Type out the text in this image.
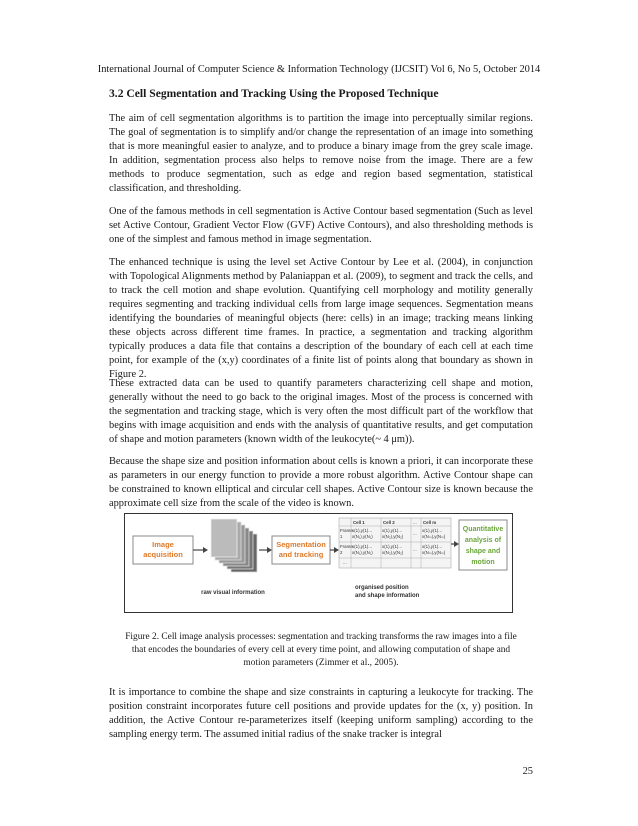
International Journal of Computer Science & Information Technology (IJCSIT) Vol 6, No 5, October 2014
3.2 Cell Segmentation and Tracking Using the Proposed Technique

The aim of cell segmentation algorithms is to partition the image into perceptually similar regions. The goal of segmentation is to simplify and/or change the representation of an image into something that is more meaningful easier to analyze, and to produce a binary image from the grey scale image. In addition, segmentation process also helps to remove noise from the image. There are a few methods to produce segmentation, such as edge and region based segmentation, statistical classification, and thresholding.

One of the famous methods in cell segmentation is Active Contour based segmentation (Such as level set Active Contour, Gradient Vector Flow (GVF) Active Contours), and also thresholding methods is one of the simplest and famous method in image segmentation.

The enhanced technique is using the level set Active Contour by Lee et al. (2004), in conjunction with Topological Alignments method by Palaniappan et al. (2009), to segment and track the cells, and to track the cell motion and shape evolution. Quantifying cell morphology and motility generally requires segmenting and tracking individual cells from large image sequences. Segmentation means identifying the boundaries of meaningful objects (here: cells) in an image; tracking means linking these objects across different time frames. In practice, a segmentation and tracking algorithm typically produces a data file that contains a description of the boundary of each cell at each time point, for example of the (x,y) coordinates of a finite list of points along that boundary as shown in Figure 2.

These extracted data can be used to quantify parameters characterizing cell shape and motion, generally without the need to go back to the original images. Most of the process is concerned with the segmentation and tracking stage, which is very often the most difficult part of the workflow that begins with image acquisition and ends with the analysis of quantitative results, and get computation of shape and motion parameters (known width of the leukocyte(~ 4 μm)).

Because the shape size and position information about cells is known a priori, it can incorporate these as parameters in our energy function to provide a more robust algorithm. Active Contour shape can be constrained to known elliptical and circular cell shapes. Active Contour size is known because the approximate cell size from the scale of the video is known.

Image
acquisition
Segmentation
and tracking
Cell 1	Cell 2	... Cell m
Frame
1
x(1),y(1)...
x(N₁),y(N₁)
x(1),y(1)...
x(N₂),y(N₂)
...
x(1),y(1)...
x(Nₘ),y(Nₘ)
Frame
2
x(1),y(1)...
x(N₁),y(N₁)
x(1),y(1)...
x(N₂),y(N₂)
...
x(1),y(1)...
x(Nₘ),y(Nₘ)
...
Quantitative
analysis of
shape and
motion
raw visual information
organised position
and shape information
Figure 2. Cell image analysis processes: segmentation and tracking transforms the raw images into a file
that encodes the boundaries of every cell at every time point, and allowing computation of shape and
motion parameters (Zimmer et al., 2005).

It is importance to combine the shape and size constraints in capturing a leukocyte for tracking. The position constraint incorporates future cell positions and provide updates for the (x, y) position. In addition, the Active Contour re-parameterizes itself (keeping uniform sampling) according to the sampling energy term. The assumed initial radius of the snake tracker is integral

25
